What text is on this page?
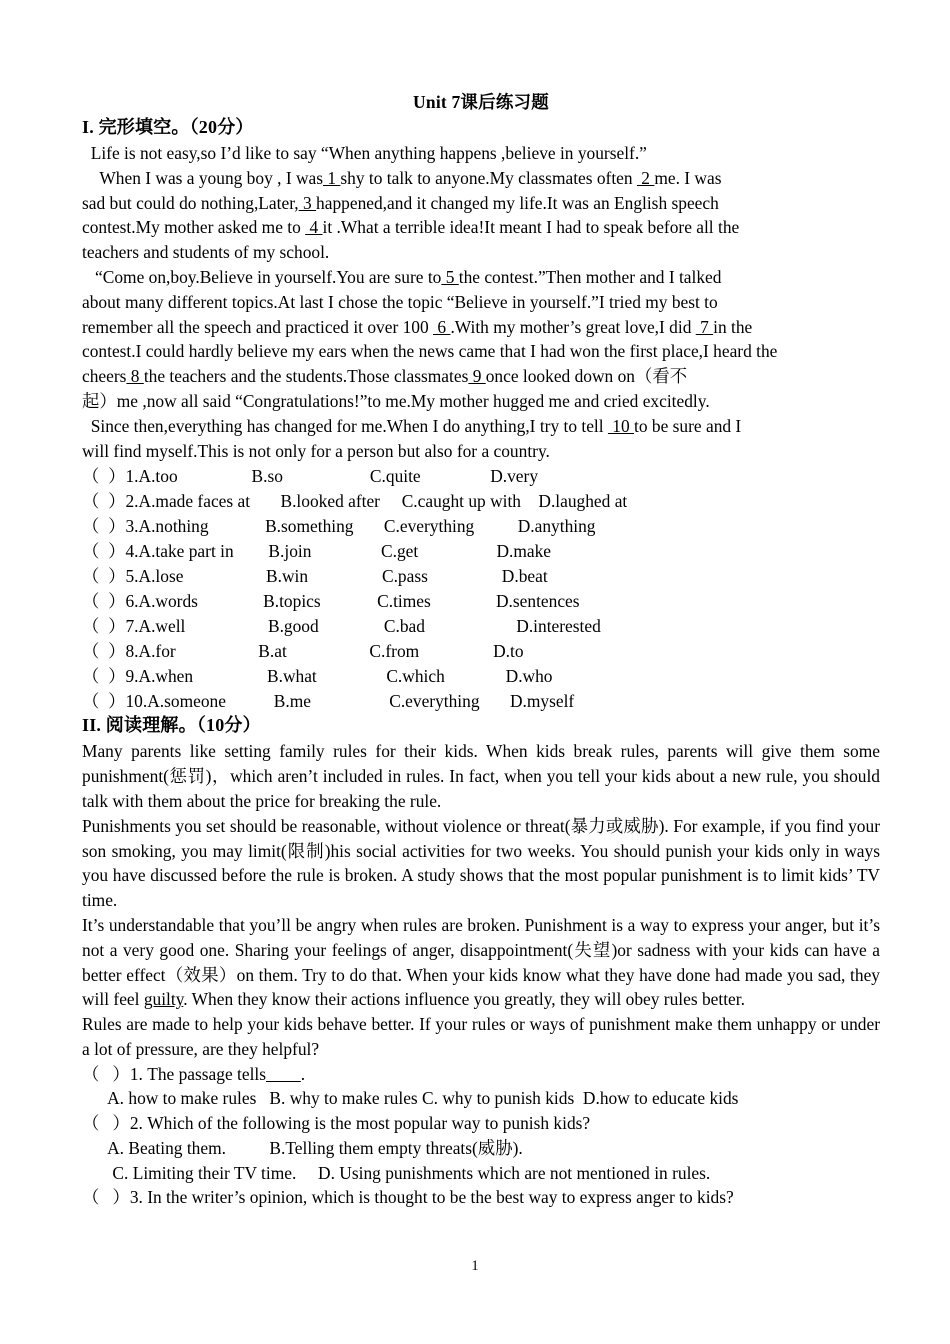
Unit 7课后练习题
I. 完形填空。（20分）

Life is not easy,so I’d like to say “When anything happens ,believe in yourself.”

When I was a young boy , I was 1 shy to talk to anyone.My classmates often  2 me. I was
sad but could do nothing,Later, 3 happened,and it changed my life.It was an English speech
contest.My mother asked me to  4 it .What a terrible idea!It meant I had to speak before all the
teachers and students of my school.

“Come on,boy.Believe in yourself.You are sure to 5 the contest.”Then mother and I talked
about many different topics.At last I chose the topic “Believe in yourself.”I tried my best to
remember all the speech and practiced it over 100  6 .With my mother’s great love,I did  7 in the
contest.I could hardly believe my ears when the news came that I had won the first place,I heard the
cheers 8 the teachers and the students.Those classmates 9 once looked down on（看不
起）me ,now all said “Congratulations!”to me.My mother hugged me and cried excitedly.

Since then,everything has changed for me.When I do anything,I try to tell  10 to be sure and I
will find myself.This is not only for a person but also for a country.

（  ）1.A.too                 B.so                    C.quite                D.very
（  ）2.A.made faces at       B.looked after     C.caught up with    D.laughed at
（  ）3.A.nothing             B.something       C.everything          D.anything
（  ）4.A.take part in        B.join                C.get                  D.make
（  ）5.A.lose                   B.win                 C.pass                 D.beat
（  ）6.A.words               B.topics             C.times               D.sentences
（  ）7.A.well                   B.good               C.bad                     D.interested
（  ）8.A.for                   B.at                   C.from                 D.to
（  ）9.A.when                 B.what                C.which              D.who
（  ）10.A.someone           B.me                  C.everything       D.myself
II. 阅读理解。（10分）

Many parents like setting family rules for their kids. When kids break rules, parents will give them some punishment(惩罚)，which aren’t included in rules. In fact, when you tell your kids about a new rule, you should talk with them about the price for breaking the rule.

Punishments you set should be reasonable, without violence or threat(暴力或威胁). For example, if you find your son smoking, you may limit(限制)his social activities for two weeks. You should punish your kids only in ways you have discussed before the rule is broken. A study shows that the most popular punishment is to limit kids’ TV time.

It’s understandable that you’ll be angry when rules are broken. Punishment is a way to express your anger, but it’s not a very good one. Sharing your feelings of anger, disappointment(失望)or sadness with your kids can have a better effect（效果）on them. Try to do that. When your kids know what they have done had made you sad, they will feel guilty. When they know their actions influence you greatly, they will obey rules better.

Rules are made to help your kids behave better. If your rules or ways of punishment make them unhappy or under a lot of pressure, are they helpful?

（   ）1. The passage tells .
A. how to make rules   B. why to make rules C. why to punish kids  D.how to educate kids
（   ）2. Which of the following is the most popular way to punish kids?
A. Beating them.          B.Telling them empty threats(威胁).
C. Limiting their TV time.     D. Using punishments which are not mentioned in rules.
（   ）3. In the writer’s opinion, which is thought to be the best way to express anger to kids?
1
